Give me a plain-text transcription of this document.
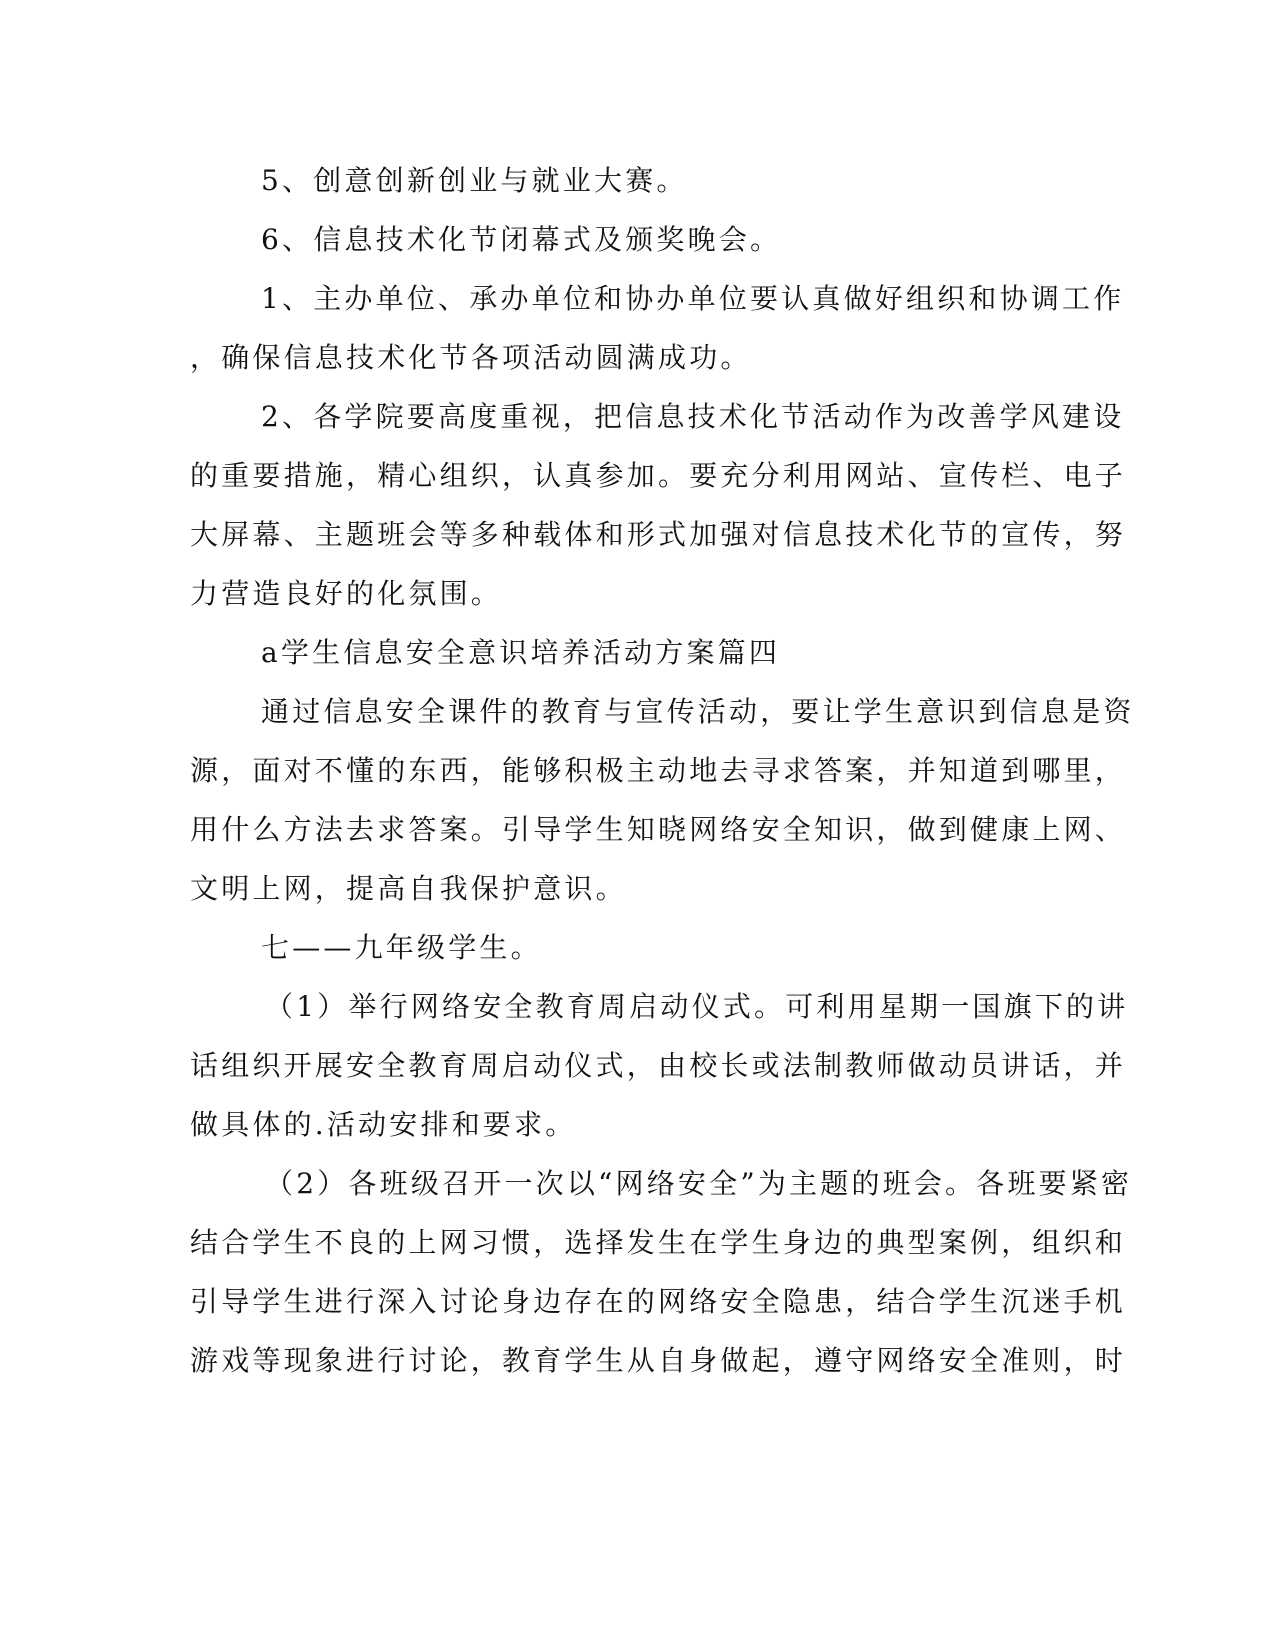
5、创意创新创业与就业大赛。
6、信息技术化节闭幕式及颁奖晚会。
1、主办单位、承办单位和协办单位要认真做好组织和协调工作
，确保信息技术化节各项活动圆满成功。
2、各学院要高度重视，把信息技术化节活动作为改善学风建设
的重要措施，精心组织，认真参加。要充分利用网站、宣传栏、电子
大屏幕、主题班会等多种载体和形式加强对信息技术化节的宣传，努
力营造良好的化氛围。
a学生信息安全意识培养活动方案篇四
通过信息安全课件的教育与宣传活动，要让学生意识到信息是资
源，面对不懂的东西，能够积极主动地去寻求答案，并知道到哪里，
用什么方法去求答案。引导学生知晓网络安全知识，做到健康上网、
文明上网，提高自我保护意识。
七——九年级学生。
（1）举行网络安全教育周启动仪式。可利用星期一国旗下的讲
话组织开展安全教育周启动仪式，由校长或法制教师做动员讲话，并
做具体的.活动安排和要求。
（2）各班级召开一次以“网络安全”为主题的班会。各班要紧密
结合学生不良的上网习惯，选择发生在学生身边的典型案例，组织和
引导学生进行深入讨论身边存在的网络安全隐患，结合学生沉迷手机
游戏等现象进行讨论，教育学生从自身做起，遵守网络安全准则，时
